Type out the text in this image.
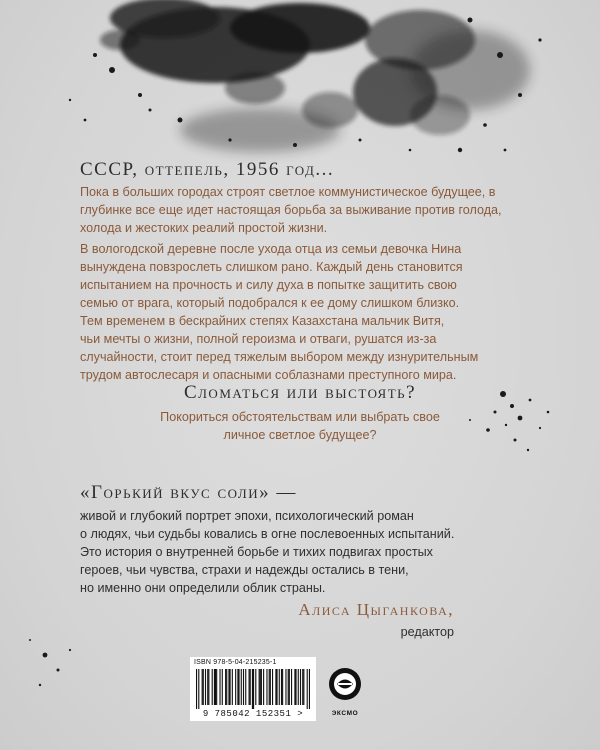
СССР, оттепель, 1956 год...

Пока в больших городах строят светлое коммунистическое будущее, в глубинке все еще идет настоящая борьба за выживание против голода, холода и жестоких реалий простой жизни.

В вологодской деревне после ухода отца из семьи девочка Нина
вынуждена повзрослеть слишком рано. Каждый день становится
испытанием на прочность и силу духа в попытке защитить свою
семью от врага, который подобрался к ее дому слишком близко.
Тем временем в бескрайних степях Казахстана мальчик Витя,
чьи мечты о жизни, полной героизма и отваги, рушатся из-за
случайности, стоит перед тяжелым выбором между изнурительным
трудом автослесаря и опасными соблазнами преступного мира.
Сломаться или выстоять?
Покориться обстоятельствам или выбрать свое
личное светлое будущее?
«Горький вкус соли» —
живой и глубокий портрет эпохи, психологический роман
о людях, чьи судьбы ковались в огне послевоенных испытаний.
Это история о внутренней борьбе и тихих подвигах простых
героев, чьи чувства, страхи и надежды остались в тени,
но именно они определили облик страны.
Алиса Цыганкова,
редактор
ISBN 978-5-04-215235-1
9 785042 152351 >	ЭКСМО
